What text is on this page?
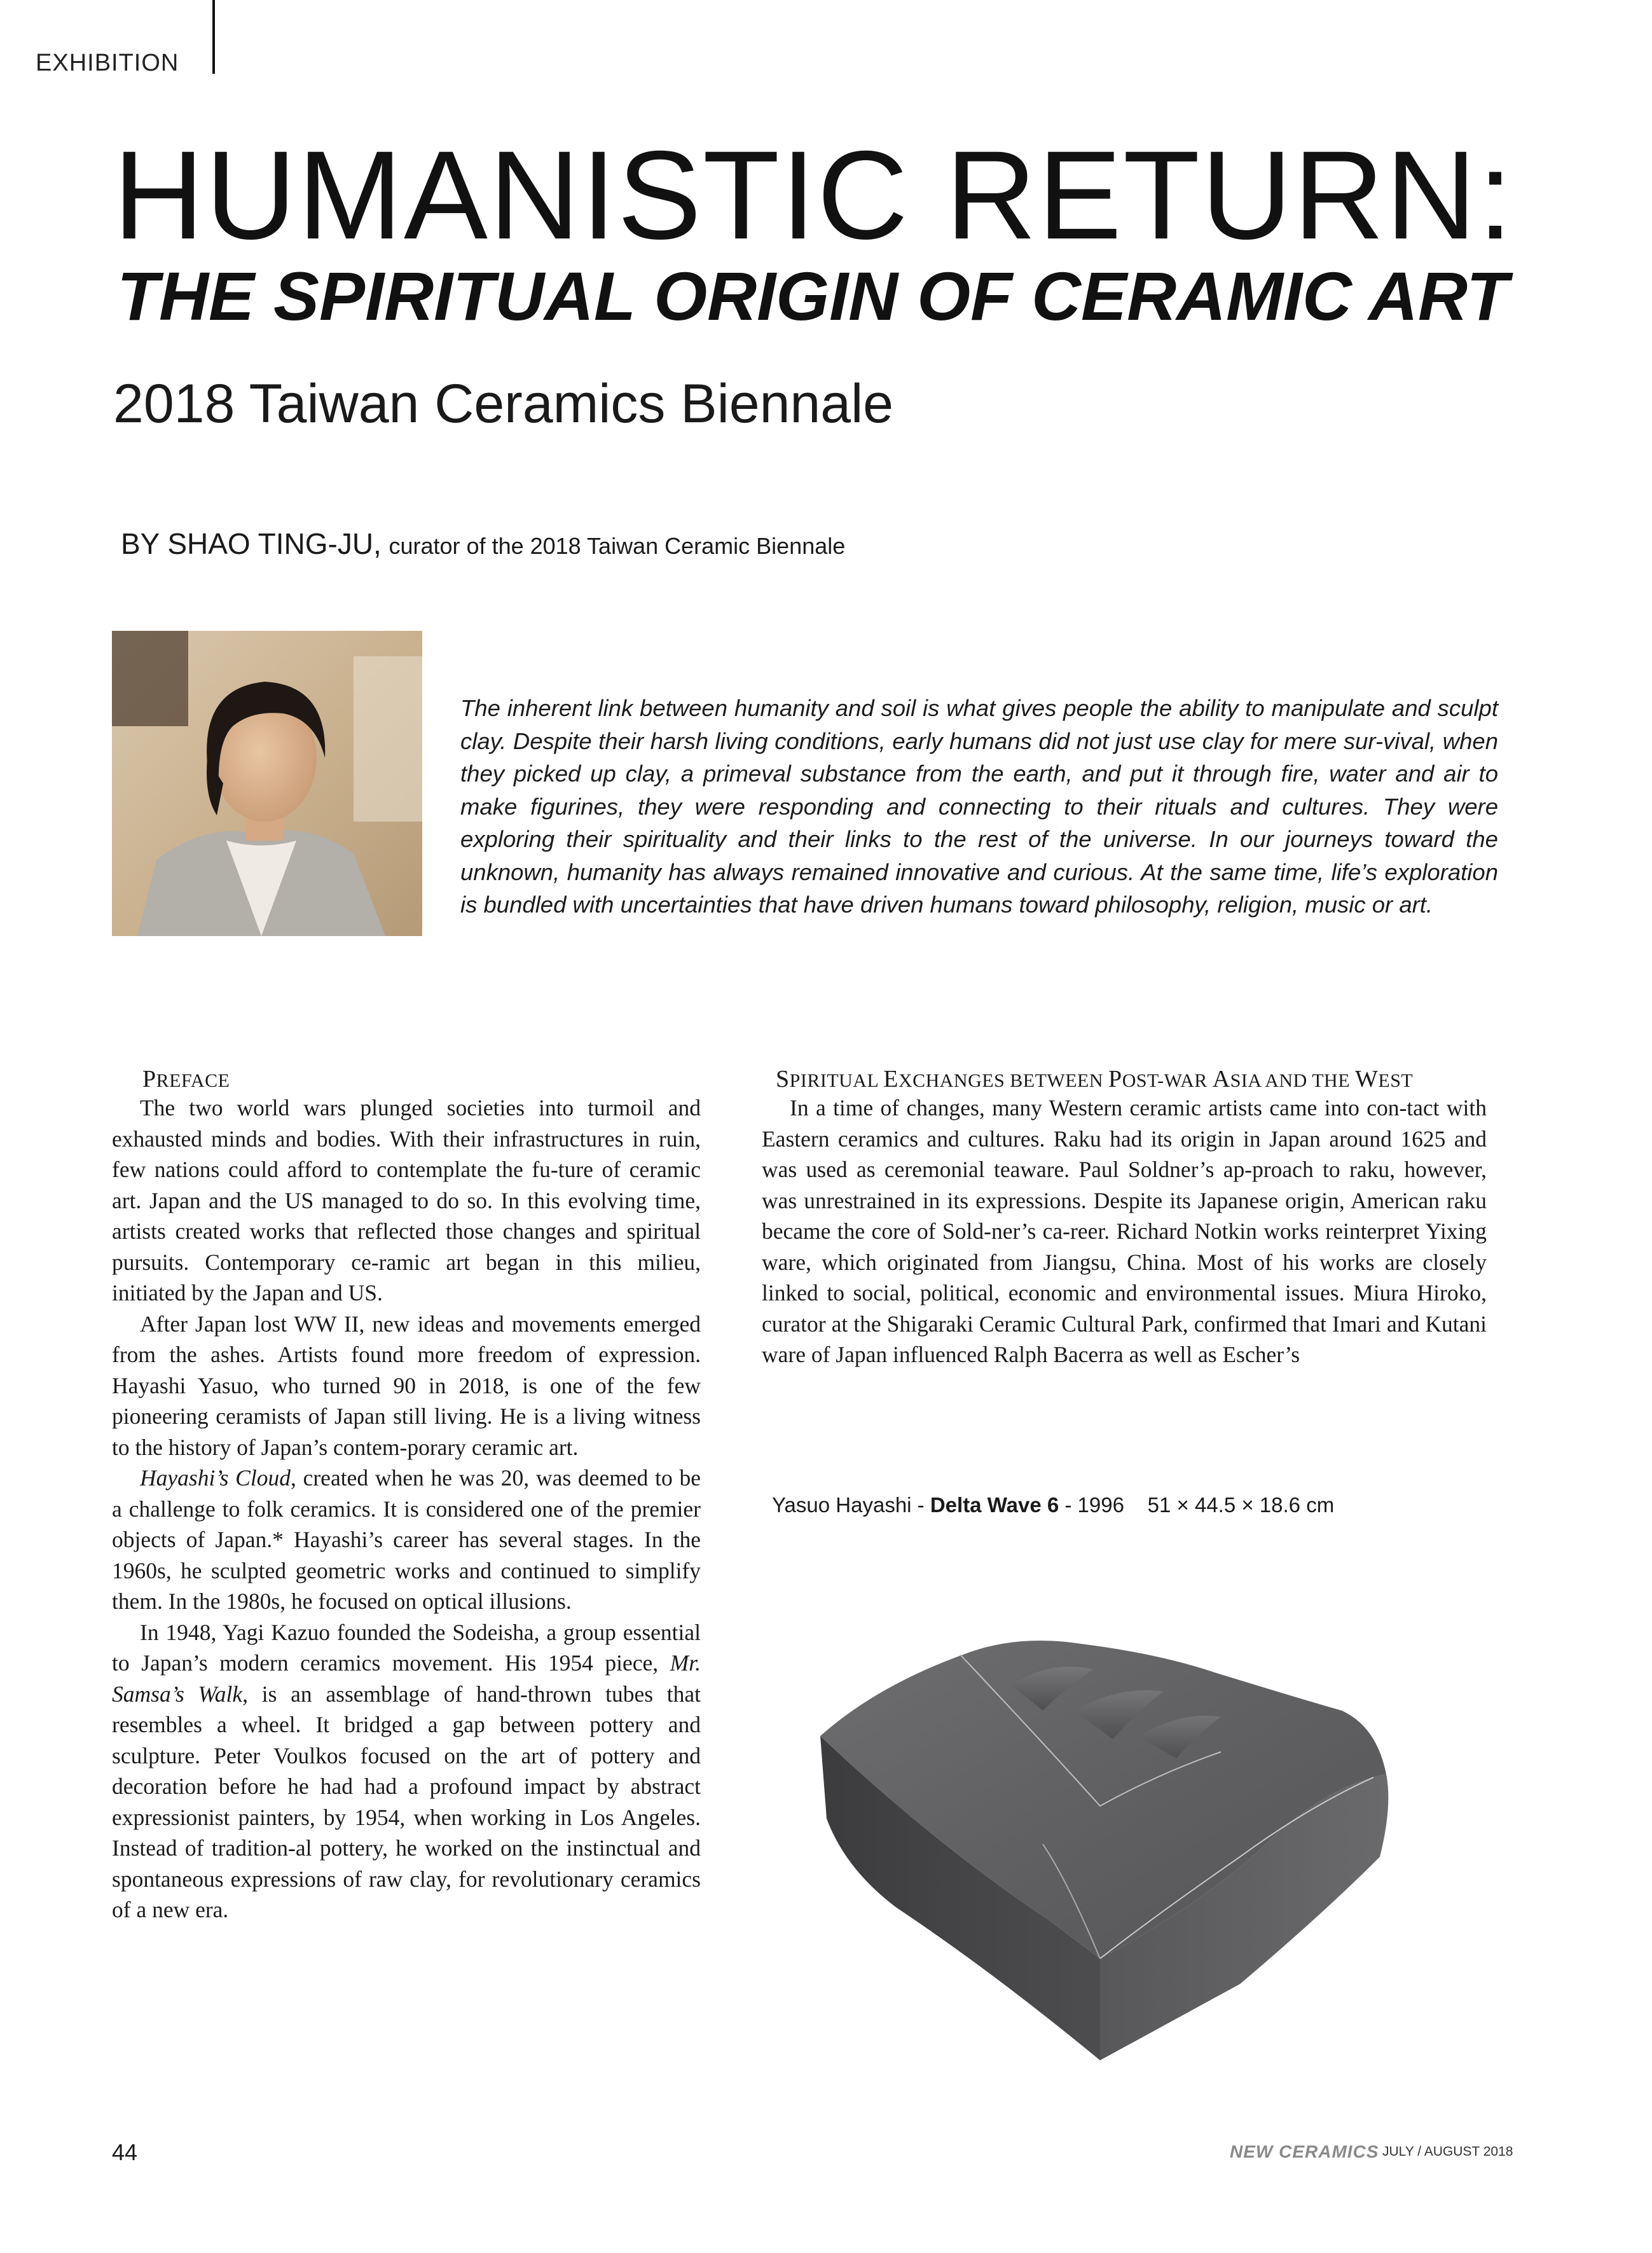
EXHIBITION
HUMANISTIC RETURN:
THE SPIRITUAL ORIGIN OF CERAMIC ART
2018 Taiwan Ceramics Biennale
BY SHAO TING-JU, curator of the 2018 Taiwan Ceramic Biennale

The inherent link between humanity and soil is what gives people the ability to manipulate and sculpt clay. Despite their harsh living conditions, early humans did not just use clay for mere sur-vival, when they picked up clay, a primeval substance from the earth, and put it through fire, water and air to make figurines, they were responding and connecting to their rituals and cultures. They were exploring their spirituality and their links to the rest of the universe. In our journeys toward the unknown, humanity has always remained innovative and curious. At the same time, life’s exploration is bundled with uncertainties that have driven humans toward philosophy, religion, music or art.

PREFACE

The two world wars plunged societies into turmoil and exhausted minds and bodies. With their infrastructures in ruin, few nations could afford to contemplate the fu-ture of ceramic art. Japan and the US managed to do so. In this evolving time, artists created works that reflected those changes and spiritual pursuits. Contemporary ce-ramic art began in this milieu, initiated by the Japan and US.

After Japan lost WW II, new ideas and movements emerged from the ashes. Artists found more freedom of expression. Hayashi Yasuo, who turned 90 in 2018, is one of the few pioneering ceramists of Japan still living. He is a living witness to the history of Japan’s contem-porary ceramic art.

Hayashi’s Cloud, created when he was 20, was deemed to be a challenge to folk ceramics. It is considered one of the premier objects of Japan.* Hayashi’s career has several stages. In the 1960s, he sculpted geometric works and continued to simplify them. In the 1980s, he focused on optical illusions.

In 1948, Yagi Kazuo founded the Sodeisha, a group essential to Japan’s modern ceramics movement. His 1954 piece, Mr. Samsa’s Walk, is an assemblage of hand-thrown tubes that resembles a wheel. It bridged a gap between pottery and sculpture. Peter Voulkos focused on the art of pottery and decoration before he had had a profound impact by abstract expressionist painters, by 1954, when working in Los Angeles. Instead of tradition-al pottery, he worked on the instinctual and spontaneous expressions of raw clay, for revolutionary ceramics of a new era.

SPIRITUAL EXCHANGES BETWEEN POST-WAR ASIA AND THE WEST

In a time of changes, many Western ceramic artists came into con-tact with Eastern ceramics and cultures. Raku had its origin in Japan around 1625 and was used as ceremonial teaware. Paul Soldner’s ap-proach to raku, however, was unrestrained in its expressions. Despite its Japanese origin, American raku became the core of Sold-ner’s ca-reer. Richard Notkin works reinterpret Yixing ware, which originated from Jiangsu, China. Most of his works are closely linked to social, political, economic and environmental issues. Miura Hiroko, curator at the Shigaraki Ceramic Cultural Park, confirmed that Imari and Kutani ware of Japan influenced Ralph Bacerra as well as Escher’s

Yasuo Hayashi - Delta Wave 6 - 1996 51 × 44.5 × 18.6 cm
44	NEW CERAMICS JULY / AUGUST 2018
